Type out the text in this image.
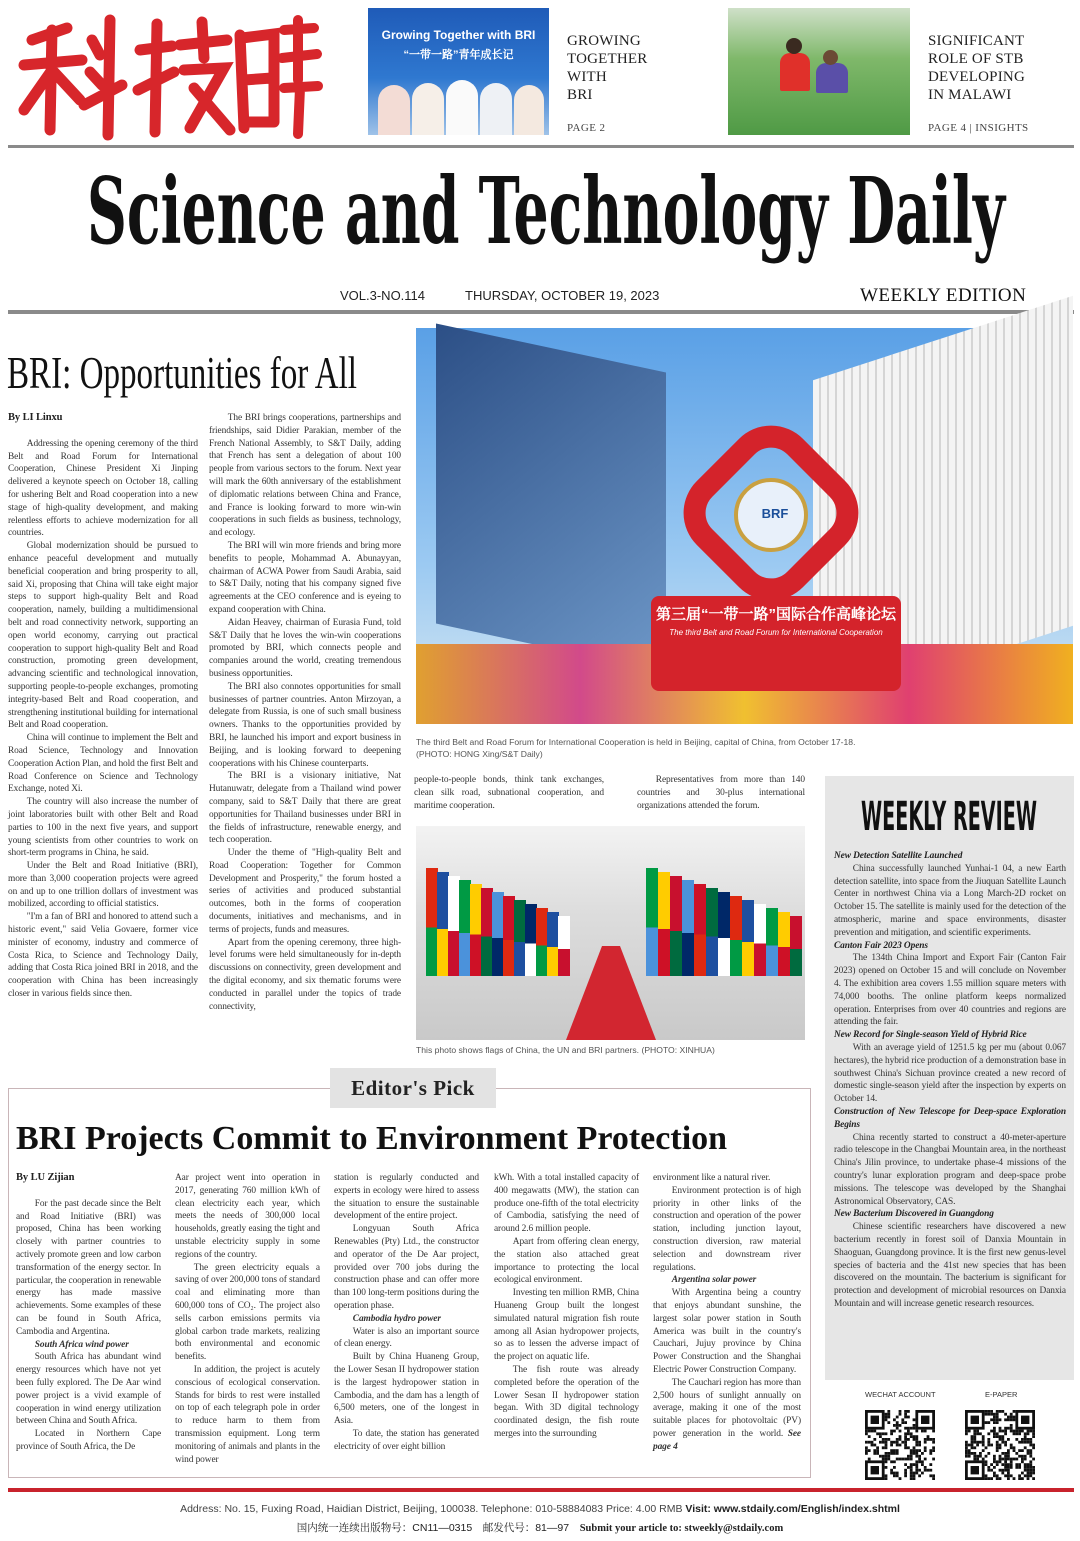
Growing Together with BRI
“一带一路”青年成长记
GROWING
TOGETHER
WITH
BRI
PAGE 2
SIGNIFICANT
ROLE OF STB
DEVELOPING
IN MALAWI
PAGE 4 | INSIGHTS
Science and Technology Daily
VOL.3-NO.114	THURSDAY, OCTOBER 19, 2023	WEEKLY EDITION
BRI: Opportunities for All
By LI Linxu

Addressing the opening ceremony of the third Belt and Road Forum for International Cooperation, Chinese President Xi Jinping delivered a keynote speech on October 18, calling for ushering Belt and Road cooperation into a new stage of high-quality development, and making relentless efforts to achieve modernization for all countries.

Global modernization should be pursued to enhance peaceful development and mutually beneficial cooperation and bring prosperity to all, said Xi, proposing that China will take eight major steps to support high-quality Belt and Road cooperation, namely, building a multidimensional belt and road connectivity network, supporting an open world economy, carrying out practical cooperation to support high-quality Belt and Road construction, promoting green development, advancing scientific and technological innovation, supporting people-to-people exchanges, promoting integrity-based Belt and Road cooperation, and strengthening institutional building for international Belt and Road cooperation.

China will continue to implement the Belt and Road Science, Technology and Innovation Cooperation Action Plan, and hold the first Belt and Road Conference on Science and Technology Exchange, noted Xi.

The country will also increase the number of joint laboratories built with other Belt and Road parties to 100 in the next five years, and support young scientists from other countries to work on short-term programs in China, he said.

Under the Belt and Road Initiative (BRI), more than 3,000 cooperation projects were agreed on and up to one trillion dollars of investment was mobilized, according to official statistics.

"I'm a fan of BRI and honored to attend such a historic event," said Velia Govaere, former vice minister of economy, industry and commerce of Costa Rica, to Science and Technology Daily, adding that Costa Rica joined BRI in 2018, and the cooperation with China has been increasingly closer in various fields since then.

The BRI brings cooperations, partnerships and friendships, said Didier Parakian, member of the French National Assembly, to S&T Daily, adding that French has sent a delegation of about 100 people from various sectors to the forum. Next year will mark the 60th anniversary of the establishment of diplomatic relations between China and France, and France is looking forward to more win-win cooperations in such fields as business, technology, and ecology.

The BRI will win more friends and bring more benefits to people, Mohammad A. Abunayyan, chairman of ACWA Power from Saudi Arabia, said to S&T Daily, noting that his company signed five agreements at the CEO conference and is eyeing to expand cooperation with China.

Aidan Heavey, chairman of Eurasia Fund, told S&T Daily that he loves the win-win cooperations promoted by BRI, which connects people and companies around the world, creating tremendous business opportunities.

The BRI also connotes opportunities for small businesses of partner countries. Anton Mirzoyan, a delegate from Russia, is one of such small business owners. Thanks to the opportunities provided by BRI, he launched his import and export business in Beijing, and is looking forward to deepening cooperations with his Chinese counterparts.

The BRI is a visionary initiative, Nat Hutanuwatr, delegate from a Thailand wind power company, said to S&T Daily that there are great opportunities for Thailand businesses under BRI in the fields of infrastructure, renewable energy, and tech cooperation.

Under the theme of "High-quality Belt and Road Cooperation: Together for Common Development and Prosperity," the forum hosted a series of activities and produced substantial outcomes, both in the forms of cooperation documents, initiatives and mechanisms, and in terms of projects, funds and measures.

Apart from the opening ceremony, three high-level forums were held simultaneously for in-depth discussions on connectivity, green development and the digital economy, and six thematic forums were conducted in parallel under the topics of trade connectivity,

people-to-people bonds, think tank exchanges, clean silk road, subnational cooperation, and maritime cooperation.

Representatives from more than 140 countries and 30-plus international organizations attended the forum.

BRF
第三届“一带一路”国际合作高峰论坛
The third Belt and Road Forum for International Cooperation
The third Belt and Road Forum for International Cooperation is held in Beijing, capital of China, from October 17-18.
(PHOTO: HONG Xing/S&T Daily)
This photo shows flags of China, the UN and BRI partners. (PHOTO: XINHUA)
WEEKLY REVIEW

New Detection Satellite Launched

China successfully launched Yunhai-1 04, a new Earth detection satellite, into space from the Jiuquan Satellite Launch Center in northwest China via a Long March-2D rocket on October 15. The satellite is mainly used for the detection of the atmospheric, marine and space environments, disaster prevention and mitigation, and scientific experiments.

Canton Fair 2023 Opens

The 134th China Import and Export Fair (Canton Fair 2023) opened on October 15 and will conclude on November 4. The exhibition area covers 1.55 million square meters with 74,000 booths. The online platform keeps normalized operation. Enterprises from over 40 countries and regions are attending the fair.

New Record for Single-season Yield of Hybrid Rice

With an average yield of 1251.5 kg per mu (about 0.067 hectares), the hybrid rice production of a demonstration base in southwest China's Sichuan province created a new record of domestic single-season yield after the inspection by experts on October 14.

Construction of New Telescope for Deep-space Exploration Begins

China recently started to construct a 40-meter-aperture radio telescope in the Changbai Mountain area, in the northeast China's Jilin province, to undertake phase-4 missions of the country's lunar exploration program and deep-space probe missions. The telescope was developed by the Shanghai Astronomical Observatory, CAS.

New Bacterium Discovered in Guangdong

Chinese scientific researchers have discovered a new bacterium recently in forest soil of Danxia Mountain in Shaoguan, Guangdong province. It is the first new genus-level species of bacteria and the 41st new species that has been discovered on the mountain. The bacterium is significant for protection and development of microbial resources on Danxia Mountain and will increase genetic research resources.

WECHAT ACCOUNT	E-PAPER
Editor's Pick
BRI Projects Commit to Environment Protection
By LU Zijian

For the past decade since the Belt and Road Initiative (BRI) was proposed, China has been working closely with partner countries to actively promote green and low carbon transformation of the energy sector. In particular, the cooperation in renewable energy has made massive achievements. Some examples of these can be found in South Africa, Cambodia and Argentina.

South Africa wind power

South Africa has abundant wind energy resources which have not yet been fully explored. The De Aar wind power project is a vivid example of cooperation in wind energy utilization between China and South Africa.

Located in Northern Cape province of South Africa, the De

Aar project went into operation in 2017, generating 760 million kWh of clean electricity each year, which meets the needs of 300,000 local households, greatly easing the tight and unstable electricity supply in some regions of the country.

The green electricity equals a saving of over 200,000 tons of standard coal and eliminating more than 600,000 tons of CO₂. The project also sells carbon emissions permits via global carbon trade markets, realizing both environmental and economic benefits.

In addition, the project is acutely conscious of ecological conservation. Stands for birds to rest were installed on top of each telegraph pole in order to reduce harm to them from transmission equipment. Long term monitoring of animals and plants in the wind power

station is regularly conducted and experts in ecology were hired to assess the situation to ensure the sustainable development of the entire project.

Longyuan South Africa Renewables (Pty) Ltd., the constructor and operator of the De Aar project, provided over 700 jobs during the construction phase and can offer more than 100 long-term positions during the operation phase.

Cambodia hydro power

Water is also an important source of clean energy.

Built by China Huaneng Group, the Lower Sesan II hydropower station is the largest hydropower station in Cambodia, and the dam has a length of 6,500 meters, one of the longest in Asia.

To date, the station has generated electricity of over eight billion

kWh. With a total installed capacity of 400 megawatts (MW), the station can produce one-fifth of the total electricity of Cambodia, satisfying the need of around 2.6 million people.

Apart from offering clean energy, the station also attached great importance to protecting the local ecological environment.

Investing ten million RMB, China Huaneng Group built the longest simulated natural migration fish route among all Asian hydropower projects, so as to lessen the adverse impact of the project on aquatic life.

The fish route was already completed before the operation of the Lower Sesan II hydropower station began. With 3D digital technology coordinated design, the fish route merges into the surrounding

environment like a natural river.

Environment protection is of high priority in other links of the construction and operation of the power station, including junction layout, construction diversion, raw material selection and downstream river regulations.

Argentina solar power

With Argentina being a country that enjoys abundant sunshine, the largest solar power station in South America was built in the country's Cauchari, Jujuy province by China Power Construction and the Shanghai Electric Power Construction Company.

The Cauchari region has more than 2,500 hours of sunlight annually on average, making it one of the most suitable places for photovoltaic (PV) power generation in the world.  See page 4

Address: No. 15, Fuxing Road, Haidian District, Beijing, 100038. Telephone: 010-58884083 Price: 4.00 RMB Visit: www.stdaily.com/English/index.shtml
国内统一连续出版物号：CN11—0315　邮发代号：81—97 Submit your article to: stweekly@stdaily.com
